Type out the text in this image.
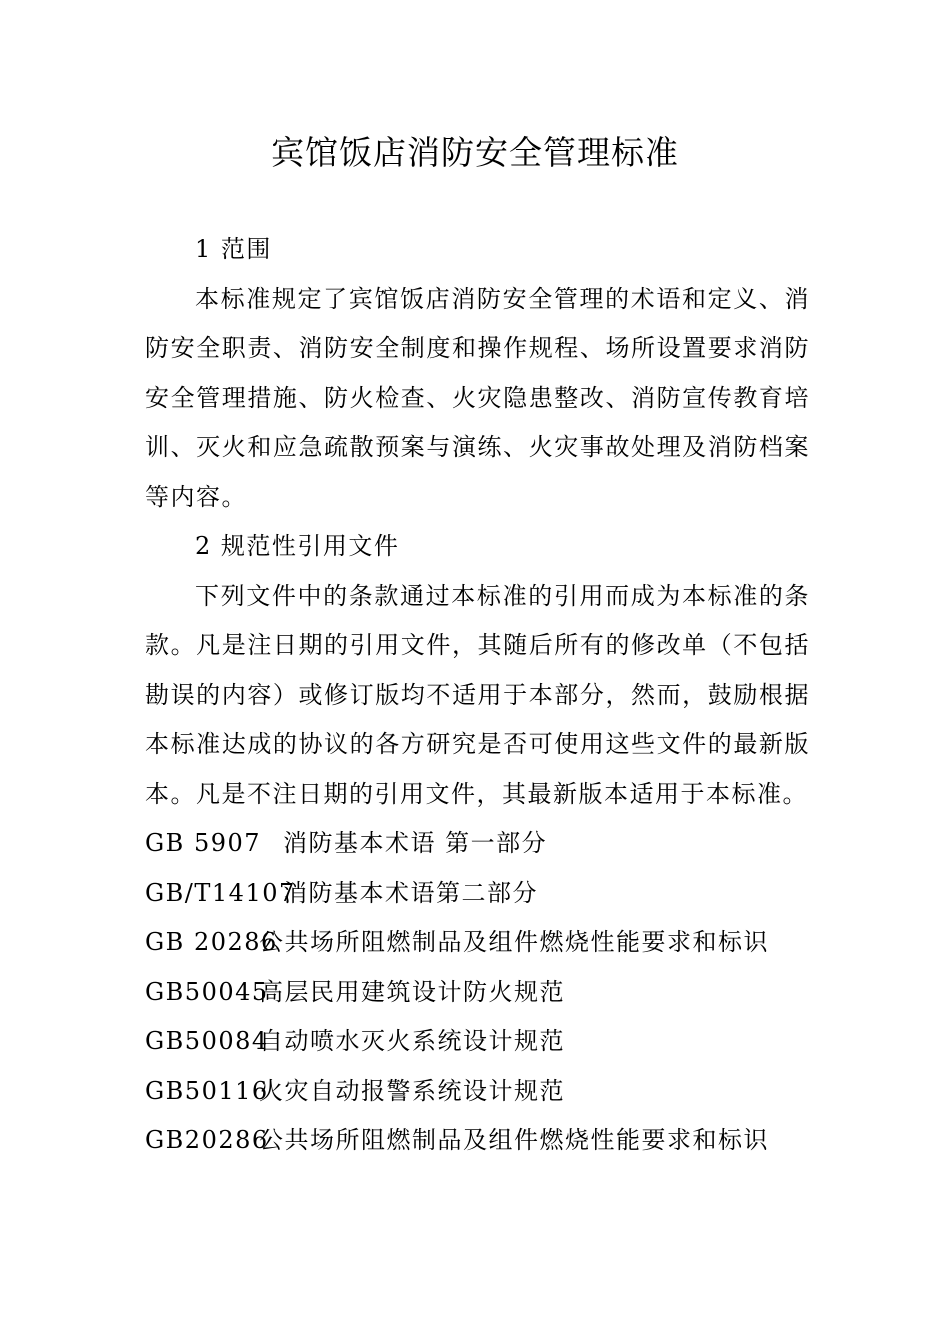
宾馆饭店消防安全管理标准

1 范围

本标准规定了宾馆饭店消防安全管理的术语和定义、消防安全职责、消防安全制度和操作规程、场所设置要求消防安全管理措施、防火检查、火灾隐患整改、消防宣传教育培训、灭火和应急疏散预案与演练、火灾事故处理及消防档案等内容。

2 规范性引用文件

下列文件中的条款通过本标准的引用而成为本标准的条款。凡是注日期的引用文件，其随后所有的修改单（不包括勘误的内容）或修订版均不适用于本部分，然而，鼓励根据本标准达成的协议的各方研究是否可使用这些文件的最新版本。凡是不注日期的引用文件，其最新版本适用于本标准。

GB 5907 消防基本术语 第一部分

GB/T14107
消防基本术语第二部分

GB 20286
公共场所阻燃制品及组件燃烧性能要求和标识

GB50045
高层民用建筑设计防火规范

GB50084
自动喷水灭火系统设计规范

GB50116
火灾自动报警系统设计规范

GB20286
公共场所阻燃制品及组件燃烧性能要求和标识
